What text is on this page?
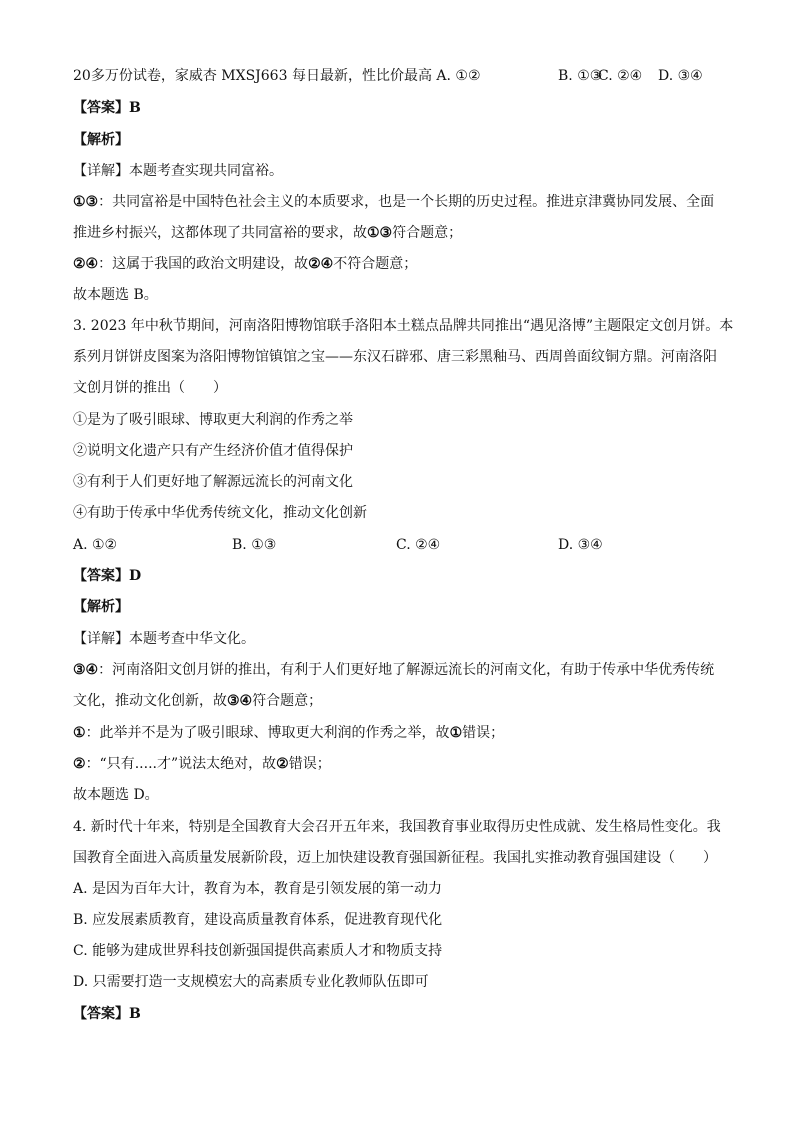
20多万份试卷，家威杏 MXSJ663 每日最新，性比价最高 A. ①②	B. ①③
C. ②④ D. ③④
【答案】B
【解析】
【详解】本题考查实现共同富裕。
①③：共同富裕是中国特色社会主义的本质要求，也是一个长期的历史过程。推进京津冀协同发展、全面
推进乡村振兴，这都体现了共同富裕的要求，故①③符合题意；
②④：这属于我国的政治文明建设，故②④不符合题意；
故本题选 B。
3. 2023 年中秋节期间，河南洛阳博物馆联手洛阳本土糕点品牌共同推出“遇见洛博”主题限定文创月饼。本
系列月饼饼皮图案为洛阳博物馆镇馆之宝——东汉石辟邪、唐三彩黑釉马、西周兽面纹铜方鼎。河南洛阳
文创月饼的推出（　　）
①是为了吸引眼球、博取更大利润的作秀之举
②说明文化遗产只有产生经济价值才值得保护
③有利于人们更好地了解源远流长的河南文化
④有助于传承中华优秀传统文化，推动文化创新
A. ①②	B. ①③	C. ②④	D. ③④
【答案】D
【解析】
【详解】本题考查中华文化。
③④：河南洛阳文创月饼的推出，有利于人们更好地了解源远流长的河南文化，有助于传承中华优秀传统
文化，推动文化创新，故③④符合题意；
①：此举并不是为了吸引眼球、博取更大利润的作秀之举，故①错误；
②：“只有.....才”说法太绝对，故②错误；
故本题选 D。
4. 新时代十年来，特别是全国教育大会召开五年来，我国教育事业取得历史性成就、发生格局性变化。我
国教育全面进入高质量发展新阶段，迈上加快建设教育强国新征程。我国扎实推动教育强国建设（　　）
A. 是因为百年大计，教育为本，教育是引领发展的第一动力
B. 应发展素质教育，建设高质量教育体系，促进教育现代化
C. 能够为建成世界科技创新强国提供高素质人才和物质支持
D. 只需要打造一支规模宏大的高素质专业化教师队伍即可
【答案】B
